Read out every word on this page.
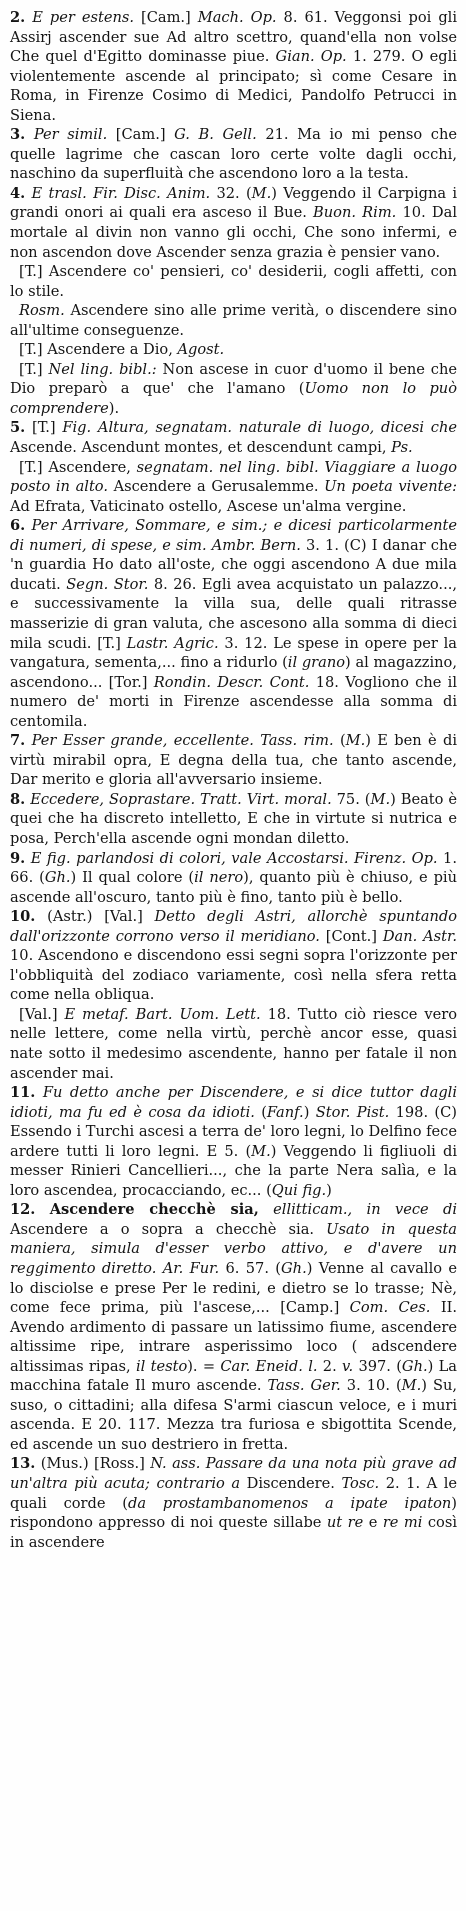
2. E per estens. [Cam.] Mach. Op. 8. 61. Veggonsi poi gli Assirj ascender sue Ad altro scettro, quand'ella non volse Che quel d'Egitto dominasse piue. Gian. Op. 1. 279. O egli violentemente ascende al principato; sì come Cesare in Roma, in Firenze Cosimo di Medici, Pandolfo Petrucci in Siena.

3. Per simil. [Cam.] G. B. Gell. 21. Ma io mi penso che quelle lagrime che cascan loro certe volte dagli occhi, naschino da superfluità che ascendono loro a la testa.

4. E trasl. Fir. Disc. Anim. 32. (M.) Veggendo il Carpigna i grandi onori ai quali era asceso il Bue. Buon. Rim. 10. Dal mortale al divin non vanno gli occhi, Che sono infermi, e non ascendon dove Ascender senza grazia è pensier vano.

[T.] Ascendere co' pensieri, co' desiderii, cogli affetti, con lo stile.

Rosm. Ascendere sino alle prime verità, o discendere sino all'ultime conseguenze.

[T.] Ascendere a Dio, Agost.

[T.] Nel ling. bibl.: Non ascese in cuor d'uomo il bene che Dio preparò a que' che l'amano (Uomo non lo può comprendere).

5. [T.] Fig. Altura, segnatam. naturale di luogo, dicesi che Ascende. Ascendunt montes, et descendunt campi, Ps.

[T.] Ascendere, segnatam. nel ling. bibl. Viaggiare a luogo posto in alto. Ascendere a Gerusalemme. Un poeta vivente: Ad Efrata, Vaticinato ostello, Ascese un'alma vergine.

6. Per Arrivare, Sommare, e sim.; e dicesi particolarmente di numeri, di spese, e sim. Ambr. Bern. 3. 1. (C) I danar che 'n guardia Ho dato all'oste, che oggi ascendono A due mila ducati. Segn. Stor. 8. 26. Egli avea acquistato un palazzo..., e successivamente la villa sua, delle quali ritrasse masserizie di gran valuta, che ascesono alla somma di dieci mila scudi. [T.] Lastr. Agric. 3. 12. Le spese in opere per la vangatura, sementa,... fino a ridurlo (il grano) al magazzino, ascendono... [Tor.] Rondin. Descr. Cont. 18. Vogliono che il numero de' morti in Firenze ascendesse alla somma di centomila.

7. Per Esser grande, eccellente. Tass. rim. (M.) E ben è di virtù mirabil opra, E degna della tua, che tanto ascende, Dar merito e gloria all'avversario insieme.

8. Eccedere, Soprastare. Tratt. Virt. moral. 75. (M.) Beato è quei che ha discreto intelletto, E che in virtute si nutrica e posa, Perch'ella ascende ogni mondan diletto.

9. E fig. parlandosi di colori, vale Accostarsi. Firenz. Op. 1. 66. (Gh.) Il qual colore (il nero), quanto più è chiuso, e più ascende all'oscuro, tanto più è fino, tanto più è bello.

10. (Astr.) [Val.] Detto degli Astri, allorchè spuntando dall'orizzonte corrono verso il meridiano. [Cont.] Dan. Astr. 10. Ascendono e discendono essi segni sopra l'orizzonte per l'obbliquità del zodiaco variamente, così nella sfera retta come nella obliqua.

[Val.] E metaf. Bart. Uom. Lett. 18. Tutto ciò riesce vero nelle lettere, come nella virtù, perchè ancor esse, quasi nate sotto il medesimo ascendente, hanno per fatale il non ascender mai.

11. Fu detto anche per Discendere, e si dice tuttor dagli idioti, ma fu ed è cosa da idioti. (Fanf.) Stor. Pist. 198. (C) Essendo i Turchi ascesi a terra de' loro legni, lo Delfino fece ardere tutti li loro legni. E 5. (M.) Veggendo li figliuoli di messer Rinieri Cancellieri..., che la parte Nera salìa, e la loro ascendea, procacciando, ec... (Qui fig.)

12. Ascendere checchè sia, ellitticam., in vece di Ascendere a o sopra a checchè sia. Usato in questa maniera, simula d'esser verbo attivo, e d'avere un reggimento diretto. Ar. Fur. 6. 57. (Gh.) Venne al cavallo e lo disciolse e prese Per le redini, e dietro se lo trasse; Nè, come fece prima, più l'ascese,... [Camp.] Com. Ces. II. Avendo ardimento di passare un latissimo fiume, ascendere altissime ripe, intrare asperissimo loco ( adscendere altissimas ripas, il testo). = Car. Eneid. l. 2. v. 397. (Gh.) La macchina fatale Il muro ascende. Tass. Ger. 3. 10. (M.) Su, suso, o cittadini; alla difesa S'armi ciascun veloce, e i muri ascenda. E 20. 117. Mezza tra furiosa e sbigottita Scende, ed ascende un suo destriero in fretta.

13. (Mus.) [Ross.] N. ass. Passare da una nota più grave ad un'altra più acuta; contrario a Discendere. Tosc. 2. 1. A le quali corde (da prostambanomenos a ipate ipaton) rispondono appresso di noi queste sillabe ut re e re mi così in ascendere
